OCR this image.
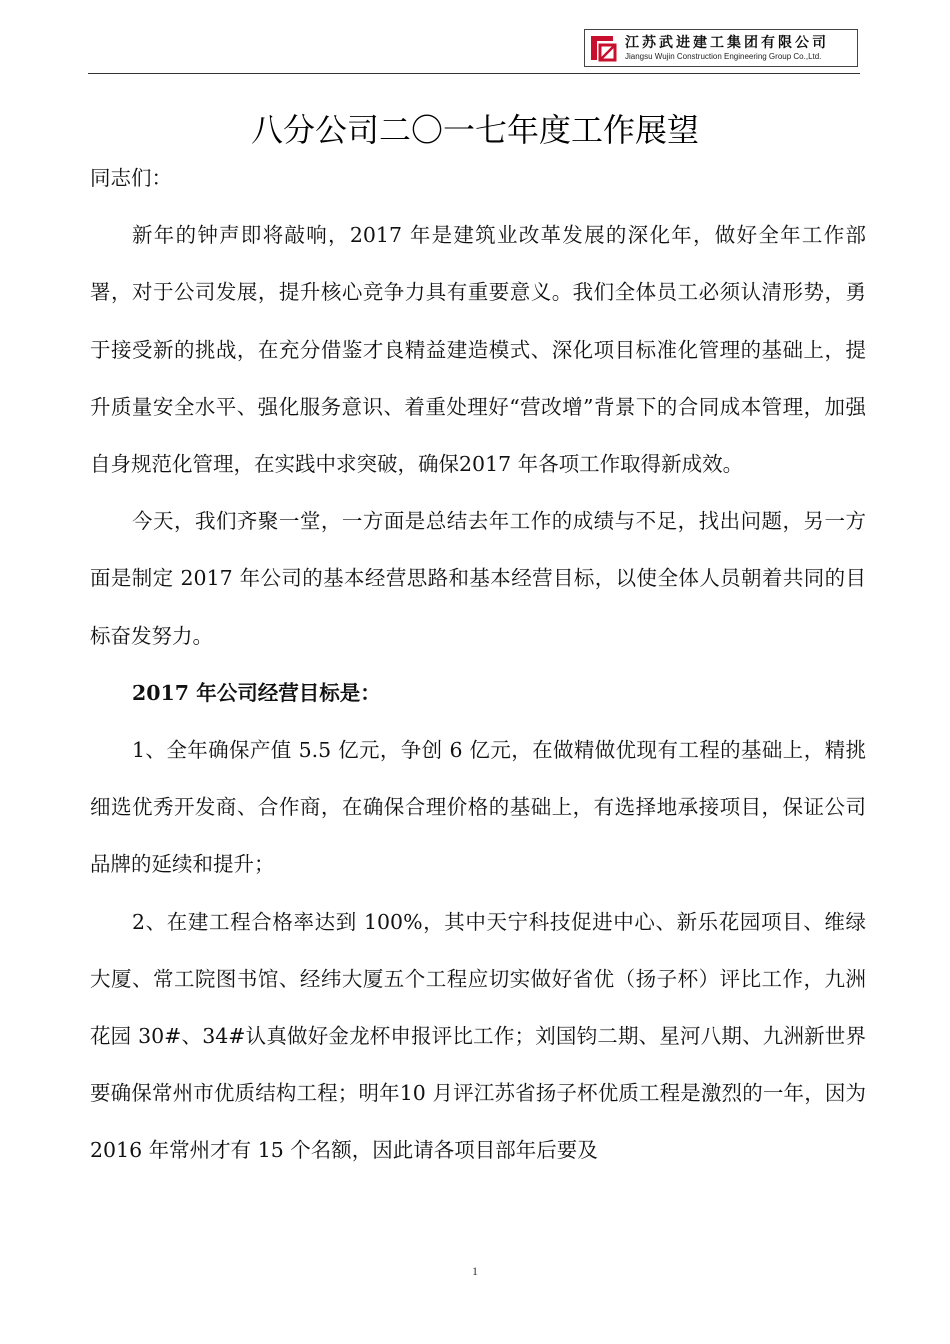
江苏武进建工集团有限公司
Jiangsu Wujin Construction Engineering Group Co.,Ltd.
八分公司二〇一七年度工作展望

同志们：

新年的钟声即将敲响，2017 年是建筑业改革发展的深化年，做好全年工作部署，对于公司发展，提升核心竞争力具有重要意义。我们全体员工必须认清形势，勇于接受新的挑战，在充分借鉴才良精益建造模式、深化项目标准化管理的基础上，提升质量安全水平、强化服务意识、着重处理好“营改增”背景下的合同成本管理，加强自身规范化管理，在实践中求突破，确保2017 年各项工作取得新成效。

今天，我们齐聚一堂，一方面是总结去年工作的成绩与不足，找出问题，另一方面是制定 2017 年公司的基本经营思路和基本经营目标，以使全体人员朝着共同的目标奋发努力。

2017 年公司经营目标是：

1、全年确保产值 5.5 亿元，争创 6 亿元，在做精做优现有工程的基础上，精挑细选优秀开发商、合作商，在确保合理价格的基础上，有选择地承接项目，保证公司品牌的延续和提升；

2、在建工程合格率达到 100%，其中天宁科技促进中心、新乐花园项目、维绿大厦、常工院图书馆、经纬大厦五个工程应切实做好省优（扬子杯）评比工作，九洲花园 30#、34#认真做好金龙杯申报评比工作；刘国钧二期、星河八期、九洲新世界要确保常州市优质结构工程；明年10 月评江苏省扬子杯优质工程是激烈的一年，因为 2016 年常州才有 15 个名额，因此请各项目部年后要及

1
